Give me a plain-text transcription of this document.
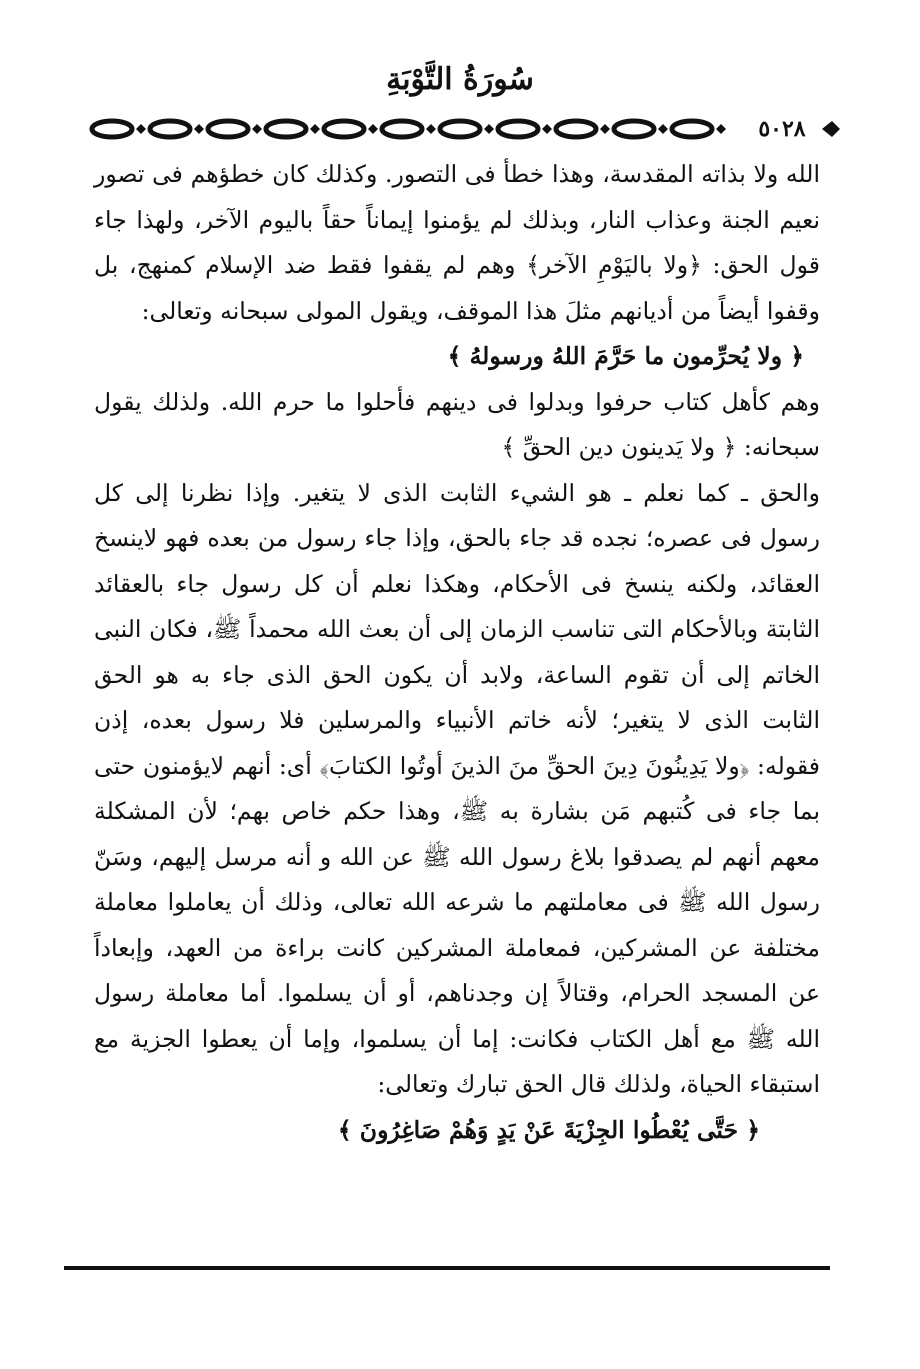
سُورَةُ التَّوْبَةِ
٥٠٢٨

الله ولا بذاته المقدسة، وهذا خطأ فى التصور. وكذلك كان خطؤهم فى تصور نعيم الجنة وعذاب النار، وبذلك لم يؤمنوا إيماناً حقاً باليوم الآخر، ولهذا جاء قول الحق: ﴿ولا باليَوْمِ الآخر﴾ وهم لم يقفوا فقط ضد الإسلام كمنهج، بل وقفوا أيضاً من أديانهم مثلَ هذا الموقف، ويقول المولى سبحانه وتعالى:

﴿ ولا يُحرِّمون ما حَرَّمَ اللهُ ورسولهُ ﴾

وهم كأهل كتاب حرفوا وبدلوا فى دينهم فأحلوا ما حرم الله. ولذلك يقول سبحانه: ﴿ ولا يَدينون دين الحقِّ ﴾

والحق ـ كما نعلم ـ هو الشيء الثابت الذى لا يتغير. وإذا نظرنا إلى كل رسول فى عصره؛ نجده قد جاء بالحق، وإذا جاء رسول من بعده فهو لاينسخ العقائد، ولكنه ينسخ فى الأحكام، وهكذا نعلم أن كل رسول جاء بالعقائد الثابتة وبالأحكام التى تناسب الزمان إلى أن بعث الله محمداً ﷺ، فكان النبى الخاتم إلى أن تقوم الساعة، ولابد أن يكون الحق الذى جاء به هو الحق الثابت الذى لا يتغير؛ لأنه خاتم الأنبياء والمرسلين فلا رسول بعده، إذن فقوله: ﴿ولا يَدِينُونَ دِينَ الحقِّ منَ الذينَ أوتُوا الكتابَ﴾ أى: أنهم لايؤمنون حتى بما جاء فى كُتبهم مَن بشارة به ﷺ، وهذا حكم خاص بهم؛ لأن المشكلة معهم أنهم لم يصدقوا بلاغ رسول الله ﷺ عن الله و أنه مرسل إليهم، وسَنّ رسول الله ﷺ فى معاملتهم ما شرعه الله تعالى، وذلك أن يعاملوا معاملة مختلفة عن المشركين، فمعاملة المشركين كانت براءة من العهد، وإبعاداً عن المسجد الحرام، وقتالاً إن وجدناهم، أو أن يسلموا. أما معاملة رسول الله ﷺ مع أهل الكتاب فكانت: إما أن يسلموا، وإما أن يعطوا الجزية مع استبقاء الحياة، ولذلك قال الحق تبارك وتعالى:

﴿ حَتَّى يُعْطُوا الجِزْيَةَ عَنْ يَدٍ وَهُمْ صَاغِرُونَ ﴾
